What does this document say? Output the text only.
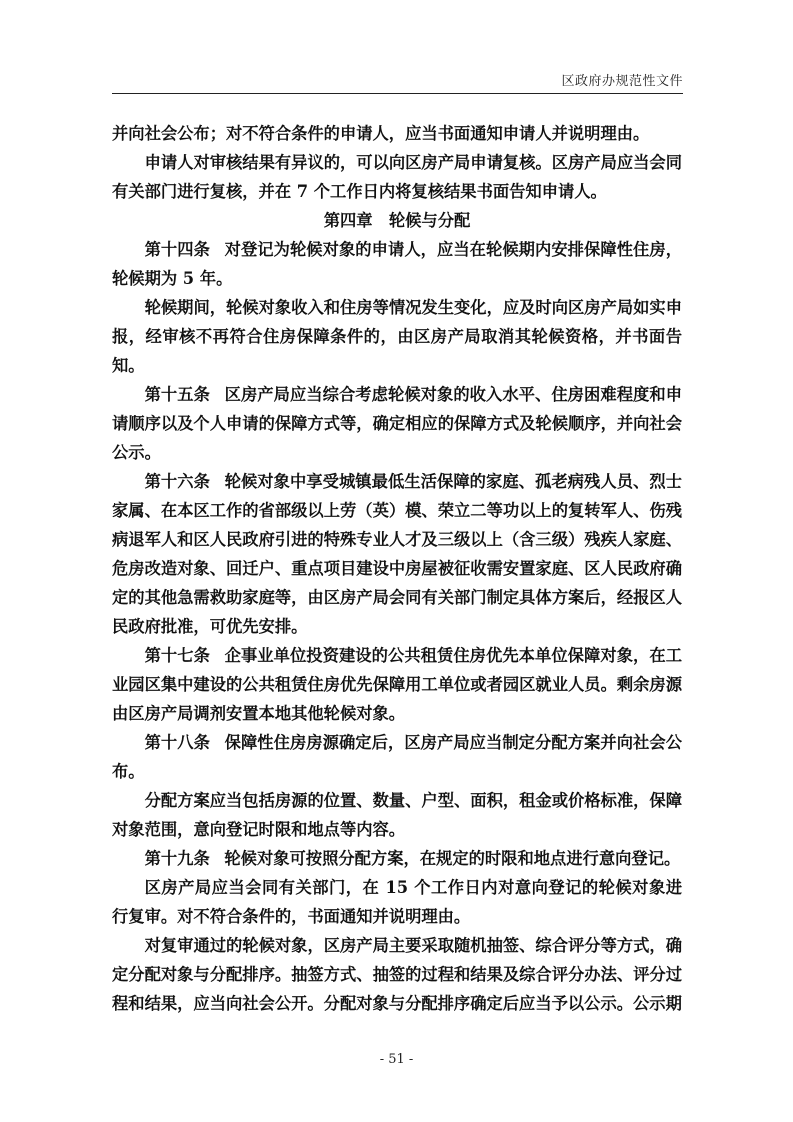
区政府办规范性文件

并向社会公布；对不符合条件的申请人，应当书面通知申请人并说明理由。

申请人对审核结果有异议的，可以向区房产局申请复核。区房产局应当会同有关部门进行复核，并在 7 个工作日内将复核结果书面告知申请人。

第四章　轮候与分配

第十四条 对登记为轮候对象的申请人，应当在轮候期内安排保障性住房，轮候期为 5 年。

轮候期间，轮候对象收入和住房等情况发生变化，应及时向区房产局如实申报，经审核不再符合住房保障条件的，由区房产局取消其轮候资格，并书面告知。

第十五条 区房产局应当综合考虑轮候对象的收入水平、住房困难程度和申请顺序以及个人申请的保障方式等，确定相应的保障方式及轮候顺序，并向社会公示。

第十六条 轮候对象中享受城镇最低生活保障的家庭、孤老病残人员、烈士家属、在本区工作的省部级以上劳（英）模、荣立二等功以上的复转军人、伤残病退军人和区人民政府引进的特殊专业人才及三级以上（含三级）残疾人家庭、危房改造对象、回迁户、重点项目建设中房屋被征收需安置家庭、区人民政府确定的其他急需救助家庭等，由区房产局会同有关部门制定具体方案后，经报区人民政府批准，可优先安排。

第十七条 企事业单位投资建设的公共租赁住房优先本单位保障对象，在工业园区集中建设的公共租赁住房优先保障用工单位或者园区就业人员。剩余房源由区房产局调剂安置本地其他轮候对象。

第十八条 保障性住房房源确定后，区房产局应当制定分配方案并向社会公布。

分配方案应当包括房源的位置、数量、户型、面积，租金或价格标准，保障对象范围，意向登记时限和地点等内容。

第十九条 轮候对象可按照分配方案，在规定的时限和地点进行意向登记。

区房产局应当会同有关部门，在 15 个工作日内对意向登记的轮候对象进行复审。对不符合条件的，书面通知并说明理由。

对复审通过的轮候对象，区房产局主要采取随机抽签、综合评分等方式，确定分配对象与分配排序。抽签方式、抽签的过程和结果及综合评分办法、评分过程和结果，应当向社会公开。分配对象与分配排序确定后应当予以公示。公示期

- 51 -
